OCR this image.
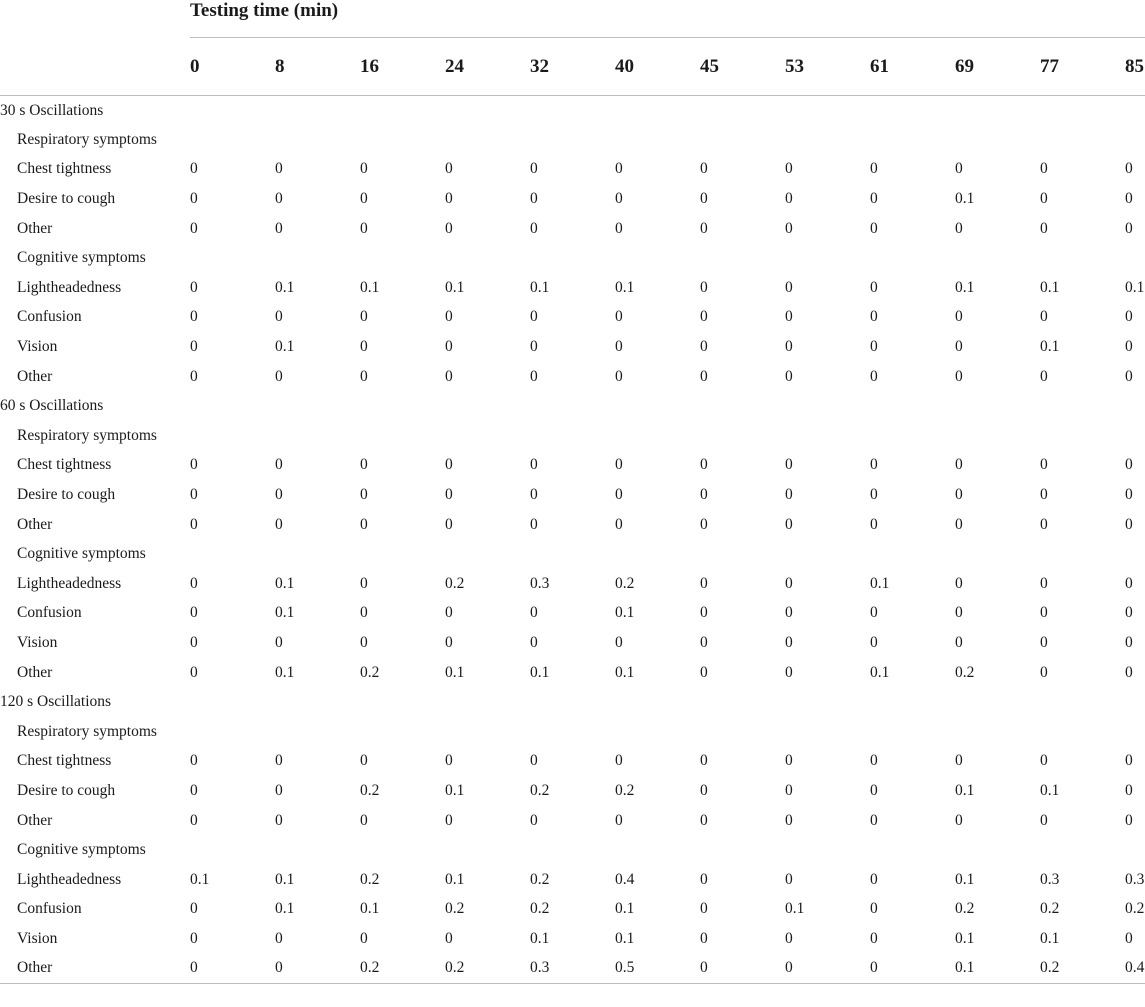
	Testing time (min)											
	0	8	16	24	32	40	45	53	61	69	77	85
30 s Oscillations												
Respiratory symptoms												
Chest tightness	0	0	0	0	0	0	0	0	0	0	0	0
Desire to cough	0	0	0	0	0	0	0	0	0	0.1	0	0
Other	0	0	0	0	0	0	0	0	0	0	0	0
Cognitive symptoms												
Lightheadedness	0	0.1	0.1	0.1	0.1	0.1	0	0	0	0.1	0.1	0.1
Confusion	0	0	0	0	0	0	0	0	0	0	0	0
Vision	0	0.1	0	0	0	0	0	0	0	0	0.1	0
Other	0	0	0	0	0	0	0	0	0	0	0	0
60 s Oscillations												
Respiratory symptoms												
Chest tightness	0	0	0	0	0	0	0	0	0	0	0	0
Desire to cough	0	0	0	0	0	0	0	0	0	0	0	0
Other	0	0	0	0	0	0	0	0	0	0	0	0
Cognitive symptoms												
Lightheadedness	0	0.1	0	0.2	0.3	0.2	0	0	0.1	0	0	0
Confusion	0	0.1	0	0	0	0.1	0	0	0	0	0	0
Vision	0	0	0	0	0	0	0	0	0	0	0	0
Other	0	0.1	0.2	0.1	0.1	0.1	0	0	0.1	0.2	0	0
120 s Oscillations												
Respiratory symptoms												
Chest tightness	0	0	0	0	0	0	0	0	0	0	0	0
Desire to cough	0	0	0.2	0.1	0.2	0.2	0	0	0	0.1	0.1	0
Other	0	0	0	0	0	0	0	0	0	0	0	0
Cognitive symptoms												
Lightheadedness	0.1	0.1	0.2	0.1	0.2	0.4	0	0	0	0.1	0.3	0.3
Confusion	0	0.1	0.1	0.2	0.2	0.1	0	0.1	0	0.2	0.2	0.2
Vision	0	0	0	0	0.1	0.1	0	0	0	0.1	0.1	0
Other	0	0	0.2	0.2	0.3	0.5	0	0	0	0.1	0.2	0.4
